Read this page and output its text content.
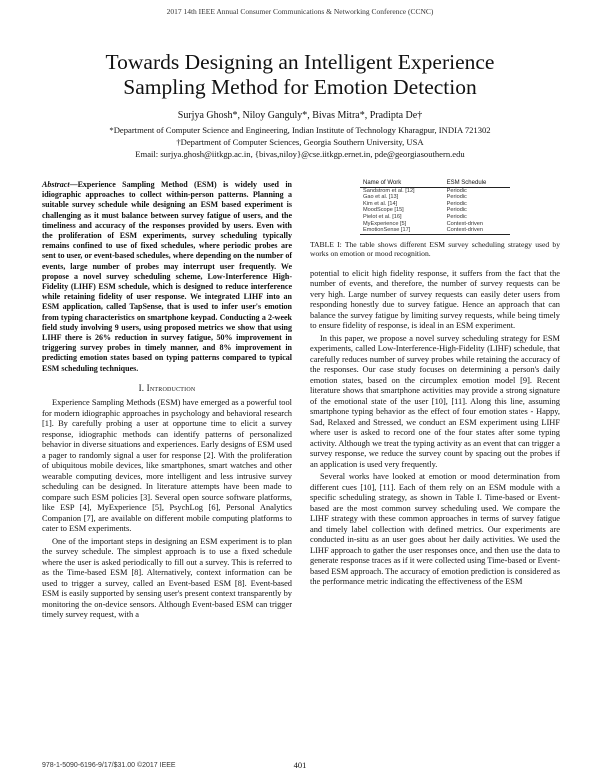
2017 14th IEEE Annual Consumer Communications & Networking Conference (CCNC)
Towards Designing an Intelligent Experience
Sampling Method for Emotion Detection
Surjya Ghosh*, Niloy Ganguly*, Bivas Mitra*, Pradipta De†
*Department of Computer Science and Engineering, Indian Institute of Technology Kharagpur, INDIA 721302
†Department of Computer Sciences, Georgia Southern University, USA
Email: surjya.ghosh@iitkgp.ac.in, {bivas,niloy}@cse.iitkgp.ernet.in, pde@georgiasouthern.edu
Abstract—Experience Sampling Method (ESM) is widely used in idiographic approaches to collect within-person patterns. Planning a suitable survey schedule while designing an ESM based experiment is challenging as it must balance between survey fatigue of users, and the timeliness and accuracy of the responses provided by users. Even with the proliferation of ESM experiments, survey scheduling typically remains confined to use of fixed schedules, where periodic probes are sent to user, or event-based schedules, where depending on the number of events, large number of probes may interrupt user frequently. We propose a novel survey scheduling scheme, Low-Interference High-Fidelity (LIHF) ESM schedule, which is designed to reduce interference while retaining fidelity of user response. We integrated LIHF into an ESM application, called TapSense, that is used to infer user's emotion from typing characteristics on smartphone keypad. Conducting a 2-week field study involving 9 users, using proposed metrics we show that using LIHF there is 26% reduction in survey fatigue, 50% improvement in triggering survey probes in timely manner, and 8% improvement in predicting emotion states based on typing patterns compared to typical ESM scheduling techniques.
I. Introduction

Experience Sampling Methods (ESM) have emerged as a powerful tool for modern idiographic approaches in psychology and behavioral research [1]. By carefully probing a user at opportune time to elicit a survey response, idiographic methods can identify patterns of personalized behavior in diverse situations and experiences. Early designs of ESM used a pager to randomly signal a user for response [2]. With the proliferation of ubiquitous mobile devices, like smartphones, smart watches and other wearable computing devices, more intelligent and less intrusive survey scheduling can be designed. In literature attempts have been made to compare such ESM policies [3]. Several open source software platforms, like ESP [4], MyExperience [5], PsychLog [6], Personal Analytics Companion [7], are available on different mobile computing platforms to cater to ESM experiments.

One of the important steps in designing an ESM experiment is to plan the survey schedule. The simplest approach is to use a fixed schedule where the user is asked periodically to fill out a survey. This is referred to as the Time-based ESM [8]. Alternatively, context information can be used to trigger a survey, called an Event-based ESM [8]. Event-based ESM is easily supported by sensing user's present context transparently by monitoring the on-device sensors. Although Event-based ESM can trigger timely survey request, with a

Name of Work	ESM Schedule
Sandstrom et al. [12]	Periodic
Gao et al. [13]	Periodic
Kim et al. [14]	Periodic
MoodScope [15]	Periodic
Pielot et al. [16]	Periodic
MyExperience [5]	Context-driven
EmotionSense [17]	Context-driven
TABLE I: The table shows different ESM survey scheduling strategy used by works on emotion or mood recognition.

potential to elicit high fidelity response, it suffers from the fact that the number of events, and therefore, the number of survey requests can be very high. Large number of survey requests can easily deter users from responding honestly due to survey fatigue. Hence an approach that can balance the survey fatigue by limiting survey requests, while being timely to ensure fidelity of response, is ideal in an ESM experiment.

In this paper, we propose a novel survey scheduling strategy for ESM experiments, called Low-Interference-High-Fidelity (LIHF) schedule, that carefully reduces number of survey probes while retaining the accuracy of the responses. Our case study focuses on determining a person's daily emotion states, based on the circumplex emotion model [9]. Recent literature shows that smartphone activities may provide a strong signature of the emotional state of the user [10], [11]. Along this line, assuming smartphone typing behavior as the effect of four emotion states - Happy, Sad, Relaxed and Stressed, we conduct an ESM experiment using LIHF where user is asked to record one of the four states after some typing activity. Although we treat the typing activity as an event that can trigger a survey response, we reduce the survey count by spacing out the probes if an application is used very frequently.

Several works have looked at emotion or mood determination from different cues [10], [11]. Each of them rely on an ESM module with a specific scheduling strategy, as shown in Table I. Time-based or Event-based are the most common survey scheduling used. We compare the LIHF strategy with these common approaches in terms of survey fatigue and timely label collection with defined metrics. Our experiments are conducted in-situ as an user goes about her daily activities. We used the LIHF approach to gather the user responses once, and then use the data to generate response traces as if it were collected using Time-based or Event-based ESM approach. The accuracy of emotion prediction is considered as the performance metric indicating the effectiveness of the ESM

978-1-5090-6196-9/17/$31.00 ©2017 IEEE	401
